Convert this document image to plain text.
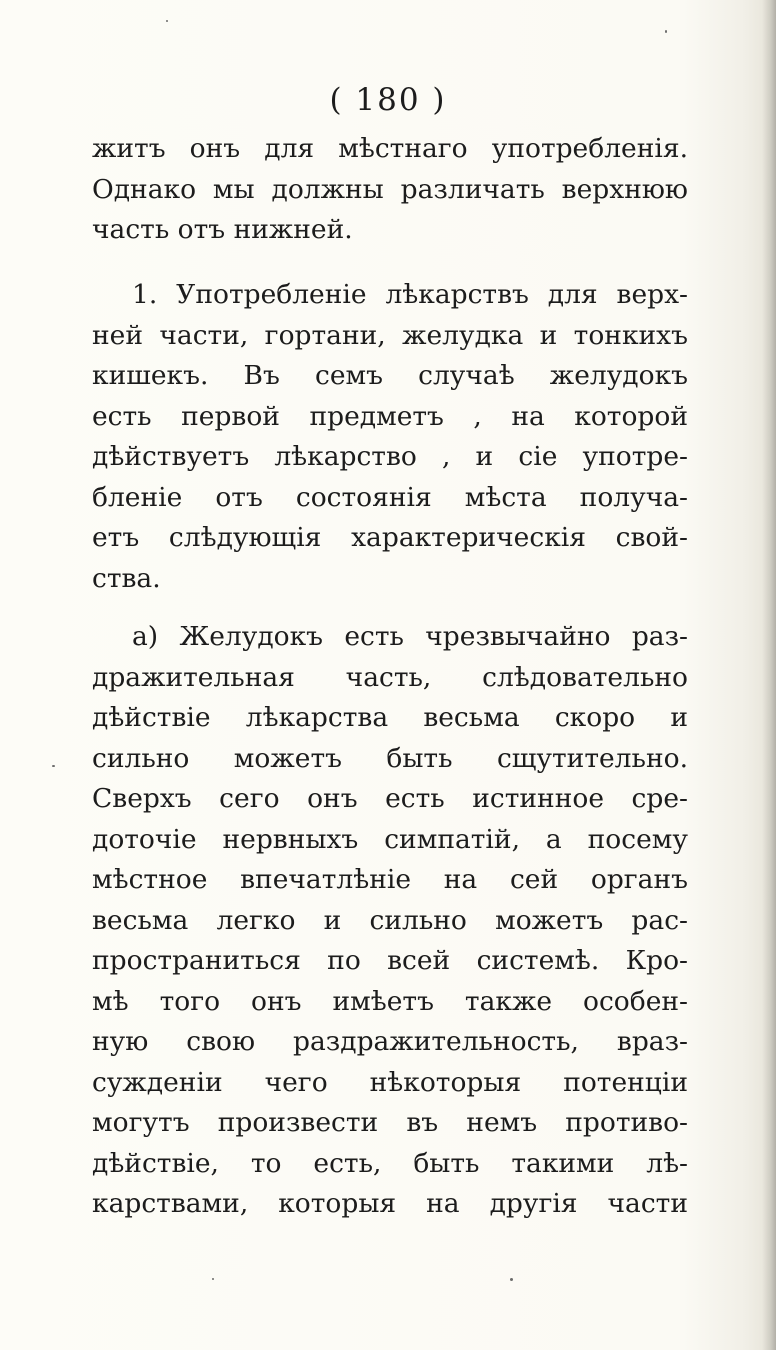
( 180 )
житъ онъ для мѣстнаго употребленія.
Однако мы должны различать верхнюю
часть отъ нижней.
1. Употребленіе лѣкарствъ для верх-
ней части, гортани, желудка и тонкихъ
кишекъ. Въ семъ случаѣ желудокъ
есть первой предметъ , на которой
дѣйствуетъ лѣкарство , и сіе употре-
бленіе отъ состоянія мѣста получа-
етъ слѣдующія характерическія свой-
ства.
а) Желудокъ есть чрезвычайно раз-
дражительная часть, слѣдовательно
дѣйствіе лѣкарства весьма скоро и
сильно можетъ быть сщутительно.
Сверхъ сего онъ есть истинное сре-
доточіе нервныхъ симпатій, а посему
мѣстное впечатлѣніе на сей органъ
весьма легко и сильно можетъ рас-
пространиться по всей системѣ. Кро-
мѣ того онъ имѣетъ также особен-
ную свою раздражительность, враз-
сужденіи чего нѣкоторыя потенціи
могутъ произвести въ немъ противо-
дѣйствіе, то есть, быть такими лѣ-
карствами, которыя на другія части
